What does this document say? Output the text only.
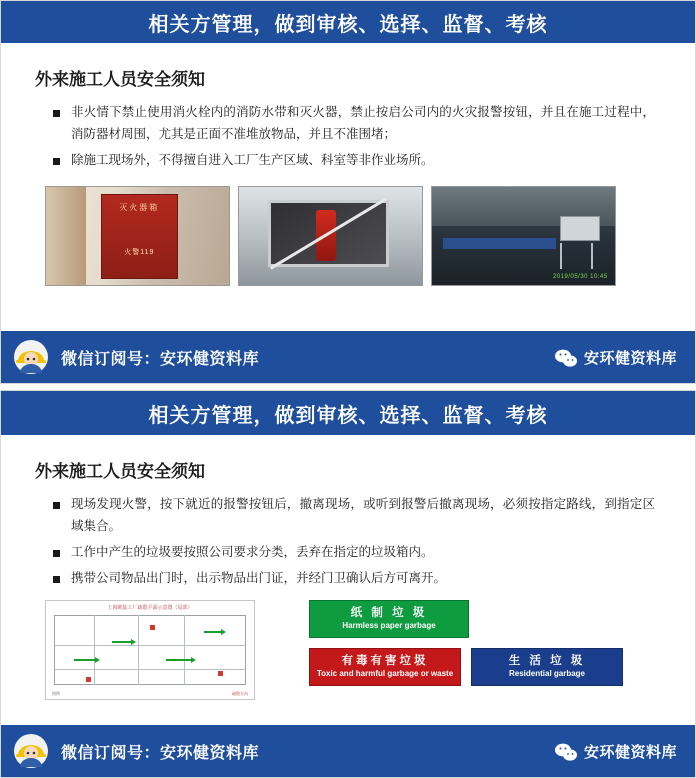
相关方管理，做到审核、选择、监督、考核
外来施工人员安全须知
非火情下禁止使用消火栓内的消防水带和灭火器，禁止按启公司内的火灾报警按钮，并且在施工过程中，消防器材周围，尤其是正面不准堆放物品，并且不准围堵；
除施工现场外，不得擅自进入工厂生产区域、科室等非作业场所。
灭火器箱
火警119
2019/05/30 10:45
微信订阅号：安环健资料库	安环健资料库
相关方管理，做到审核、选择、监督、考核
外来施工人员安全须知
现场发现火警，按下就近的报警按钮后，撤离现场，或听到报警后撤离现场，必须按指定路线，到指定区域集合。
工作中产生的垃圾要按照公司要求分类，丢弃在指定的垃圾箱内。
携带公司物品出门时，出示物品出门证，并经门卫确认后方可离开。
上海欧陆工厂疏散平面示意图（局部）
图例	疏散方向
纸 制 垃 圾
Harmless paper garbage
有毒有害垃圾
Toxic and harmful garbage or waste
生 活 垃 圾
Residential garbage
微信订阅号：安环健资料库	安环健资料库
